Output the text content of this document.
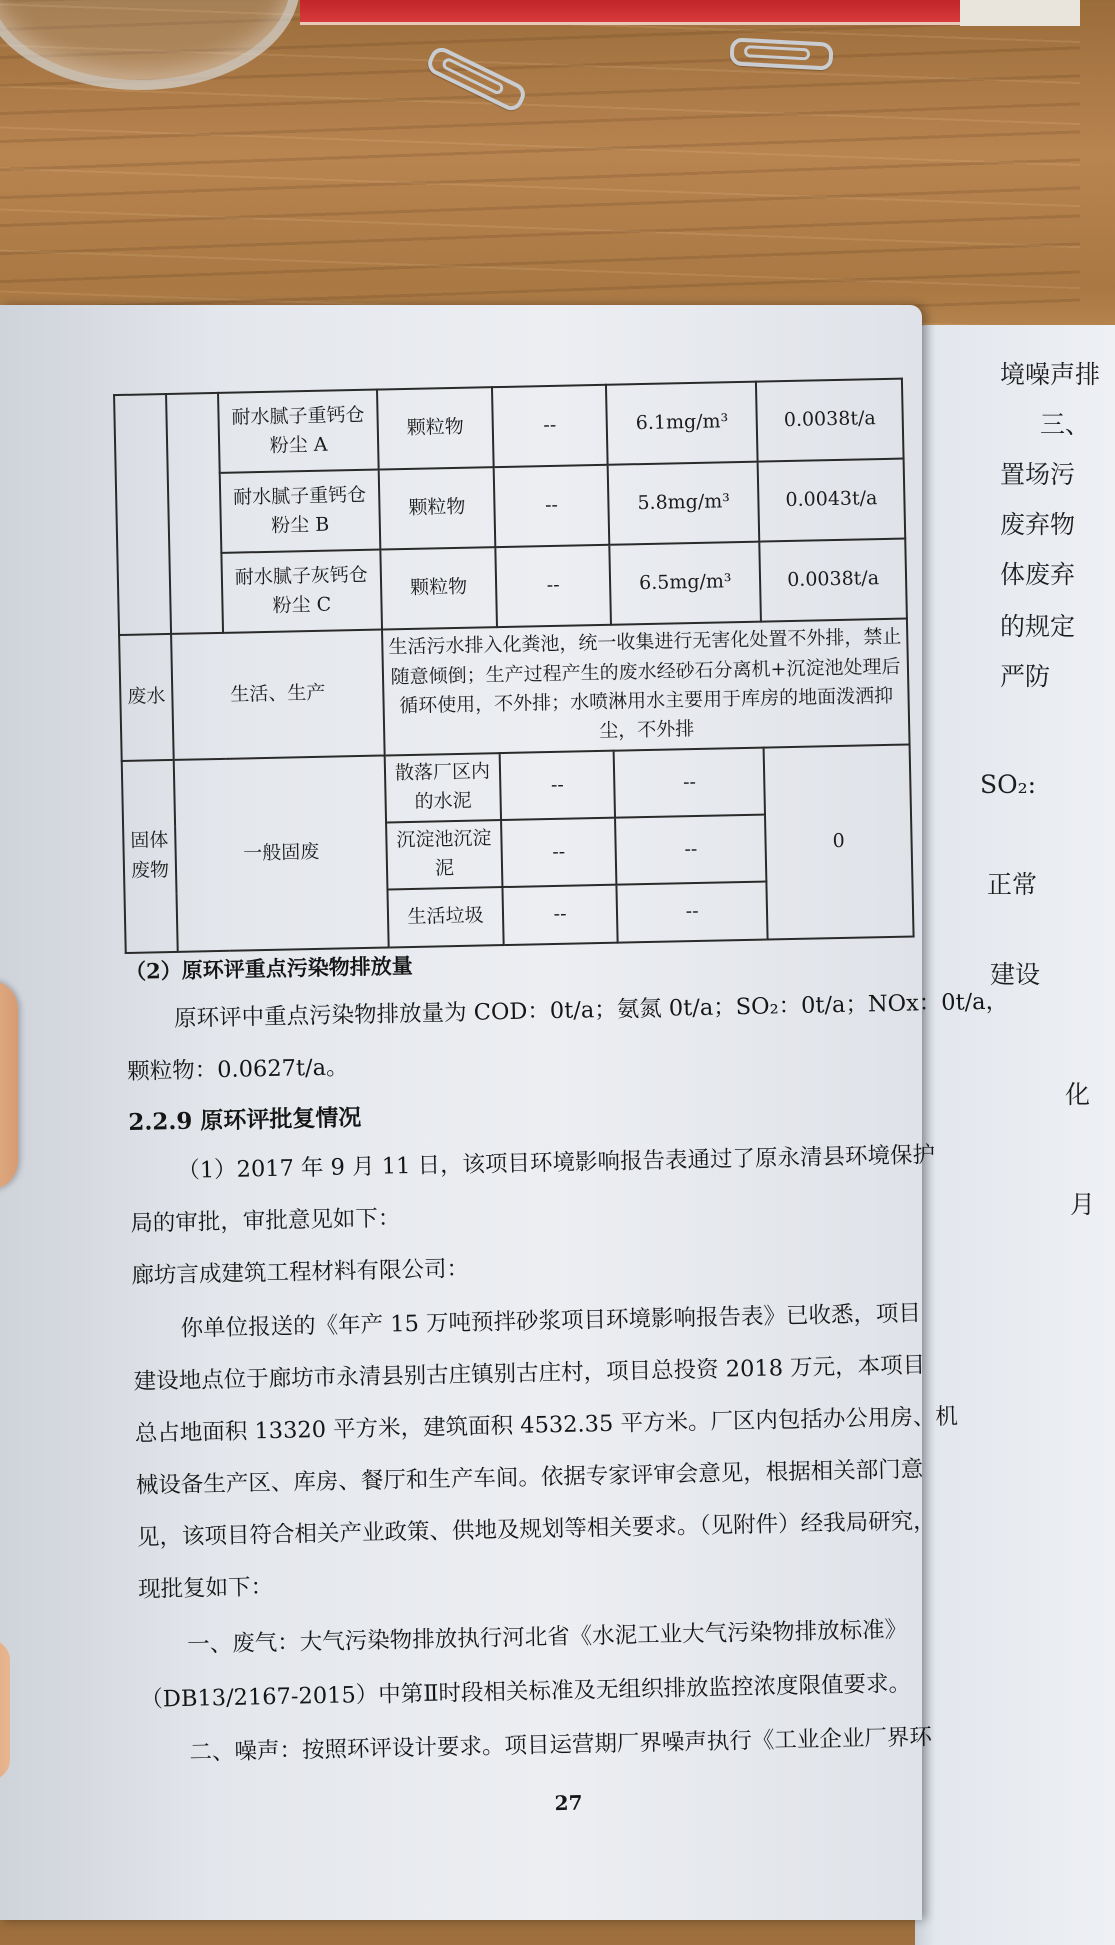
境噪声排
三、
置场污
废弃物
体废弃
的规定
严防
SO₂:
正常
建设
化
月
		耐水腻子重钙仓粉尘 A	颗粒物	--	6.1mg/m³	0.0038t/a
		耐水腻子重钙仓粉尘 B	颗粒物	--	5.8mg/m³	0.0043t/a
		耐水腻子灰钙仓粉尘 C	颗粒物	--	6.5mg/m³	0.0038t/a
废水	生活、生产		生活污水排入化粪池，统一收集进行无害化处置不外排，禁止随意倾倒；生产过程产生的废水经砂石分离机+沉淀池处理后循环使用，不外排；水喷淋用水主要用于库房的地面泼洒抑尘，不外排			
固体废物	一般固废		散落厂区内的水泥	--	--	0
			沉淀池沉淀泥	--	--	
			生活垃圾	--	--	
（2）原环评重点污染物排放量
原环评中重点污染物排放量为 COD：0t/a；氨氮 0t/a；SO₂：0t/a；NOx：0t/a，
颗粒物：0.0627t/a。
2.2.9 原环评批复情况
（1）2017 年 9 月 11 日，该项目环境影响报告表通过了原永清县环境保护
局的审批，审批意见如下：
廊坊言成建筑工程材料有限公司：
你单位报送的《年产 15 万吨预拌砂浆项目环境影响报告表》已收悉，项目
建设地点位于廊坊市永清县别古庄镇别古庄村，项目总投资 2018 万元，本项目
总占地面积 13320 平方米，建筑面积 4532.35 平方米。厂区内包括办公用房、机
械设备生产区、库房、餐厅和生产车间。依据专家评审会意见，根据相关部门意
见，该项目符合相关产业政策、供地及规划等相关要求。（见附件）经我局研究，
现批复如下：
一、废气：大气污染物排放执行河北省《水泥工业大气污染物排放标准》
（DB13/2167-2015）中第Ⅱ时段相关标准及无组织排放监控浓度限值要求。
二、噪声：按照环评设计要求。项目运营期厂界噪声执行《工业企业厂界环
27
